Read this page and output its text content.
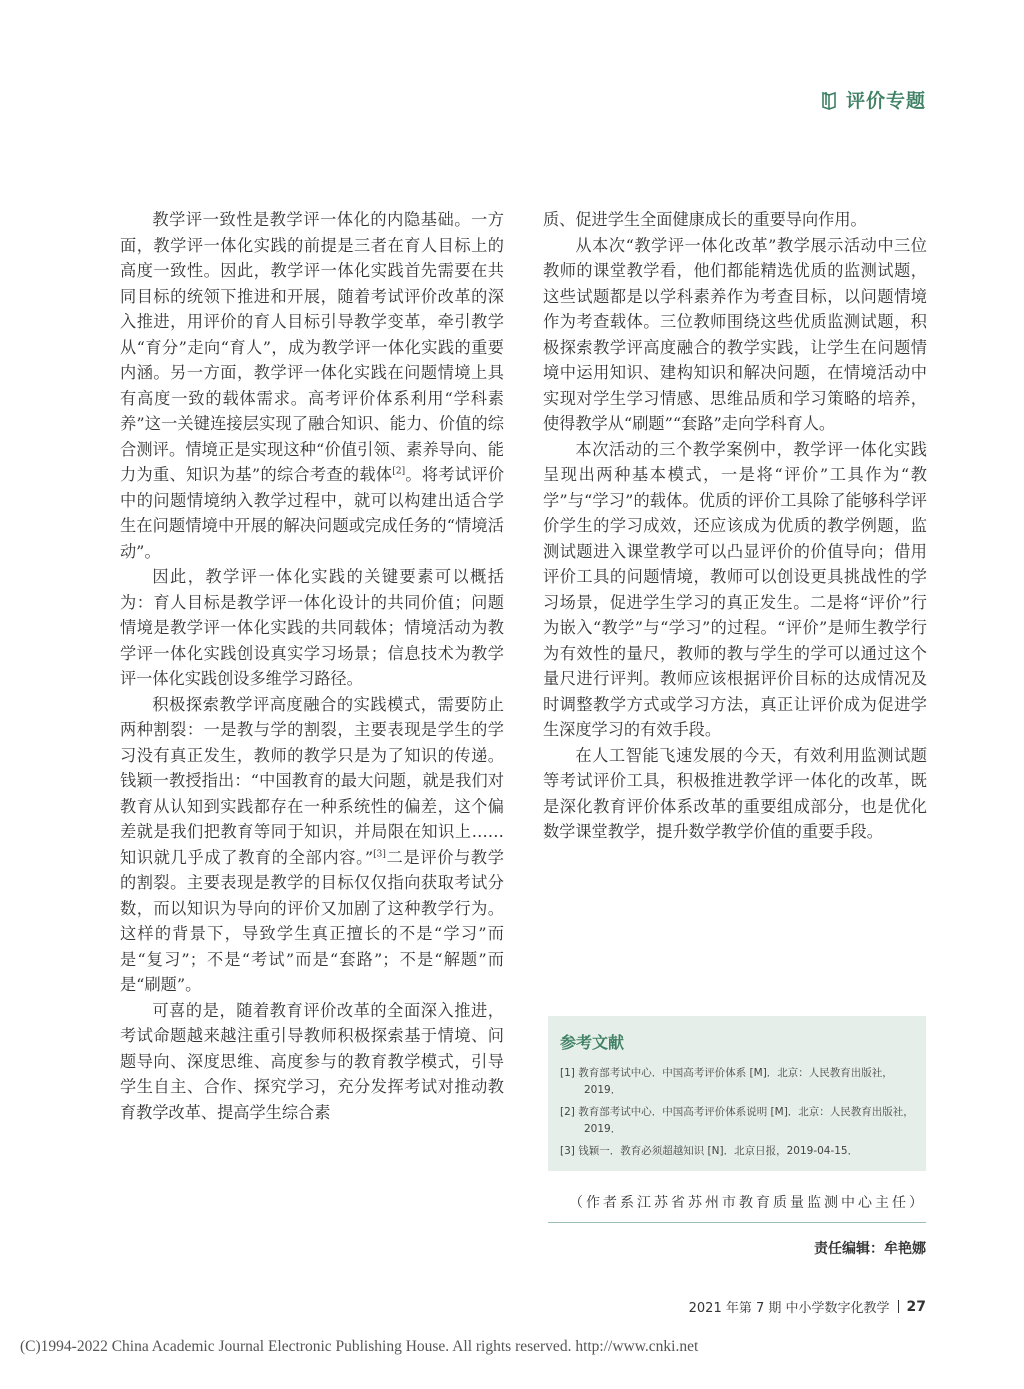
评价专题

教学评一致性是教学评一体化的内隐基础。一方面，教学评一体化实践的前提是三者在育人目标上的高度一致性。因此，教学评一体化实践首先需要在共同目标的统领下推进和开展，随着考试评价改革的深入推进，用评价的育人目标引导教学变革，牵引教学从“育分”走向“育人”，成为教学评一体化实践的重要内涵。另一方面，教学评一体化实践在问题情境上具有高度一致的载体需求。高考评价体系利用“学科素养”这一关键连接层实现了融合知识、能力、价值的综合测评。情境正是实现这种“价值引领、素养导向、能力为重、知识为基”的综合考查的载体[2]。将考试评价中的问题情境纳入教学过程中，就可以构建出适合学生在问题情境中开展的解决问题或完成任务的“情境活动”。

因此，教学评一体化实践的关键要素可以概括为：育人目标是教学评一体化设计的共同价值；问题情境是教学评一体化实践的共同载体；情境活动为教学评一体化实践创设真实学习场景；信息技术为教学评一体化实践创设多维学习路径。

积极探索教学评高度融合的实践模式，需要防止两种割裂：一是教与学的割裂，主要表现是学生的学习没有真正发生，教师的教学只是为了知识的传递。钱颖一教授指出：“中国教育的最大问题，就是我们对教育从认知到实践都存在一种系统性的偏差，这个偏差就是我们把教育等同于知识，并局限在知识上……知识就几乎成了教育的全部内容。”[3]二是评价与教学的割裂。主要表现是教学的目标仅仅指向获取考试分数，而以知识为导向的评价又加剧了这种教学行为。这样的背景下，导致学生真正擅长的不是“学习”而是“复习”；不是“考试”而是“套路”；不是“解题”而是“刷题”。

可喜的是，随着教育评价改革的全面深入推进，考试命题越来越注重引导教师积极探索基于情境、问题导向、深度思维、高度参与的教育教学模式，引导学生自主、合作、探究学习，充分发挥考试对推动教育教学改革、提高学生综合素

质、促进学生全面健康成长的重要导向作用。

从本次“教学评一体化改革”教学展示活动中三位教师的课堂教学看，他们都能精选优质的监测试题，这些试题都是以学科素养作为考查目标，以问题情境作为考查载体。三位教师围绕这些优质监测试题，积极探索教学评高度融合的教学实践，让学生在问题情境中运用知识、建构知识和解决问题，在情境活动中实现对学生学习情感、思维品质和学习策略的培养，使得教学从“刷题”“套路”走向学科育人。

本次活动的三个教学案例中，教学评一体化实践呈现出两种基本模式，一是将“评价”工具作为“教学”与“学习”的载体。优质的评价工具除了能够科学评价学生的学习成效，还应该成为优质的教学例题，监测试题进入课堂教学可以凸显评价的价值导向；借用评价工具的问题情境，教师可以创设更具挑战性的学习场景，促进学生学习的真正发生。二是将“评价”行为嵌入“教学”与“学习”的过程。“评价”是师生教学行为有效性的量尺，教师的教与学生的学可以通过这个量尺进行评判。教师应该根据评价目标的达成情况及时调整教学方式或学习方法，真正让评价成为促进学生深度学习的有效手段。

在人工智能飞速发展的今天，有效利用监测试题等考试评价工具，积极推进教学评一体化的改革，既是深化教育评价体系改革的重要组成部分，也是优化数学课堂教学，提升数学教学价值的重要手段。

参考文献
[1] 教育部考试中心．中国高考评价体系 [M]．北京：人民教育出版社，2019．
[2] 教育部考试中心．中国高考评价体系说明 [M]．北京：人民教育出版社，2019．
[3] 钱颖一．教育必须超越知识 [N]．北京日报，2019-04-15．
（作者系江苏省苏州市教育质量监测中心主任）
责任编辑：牟艳娜
2021 年第 7 期 中小学数字化教学 27
(C)1994-2022 China Academic Journal Electronic Publishing House. All rights reserved. http://www.cnki.net
